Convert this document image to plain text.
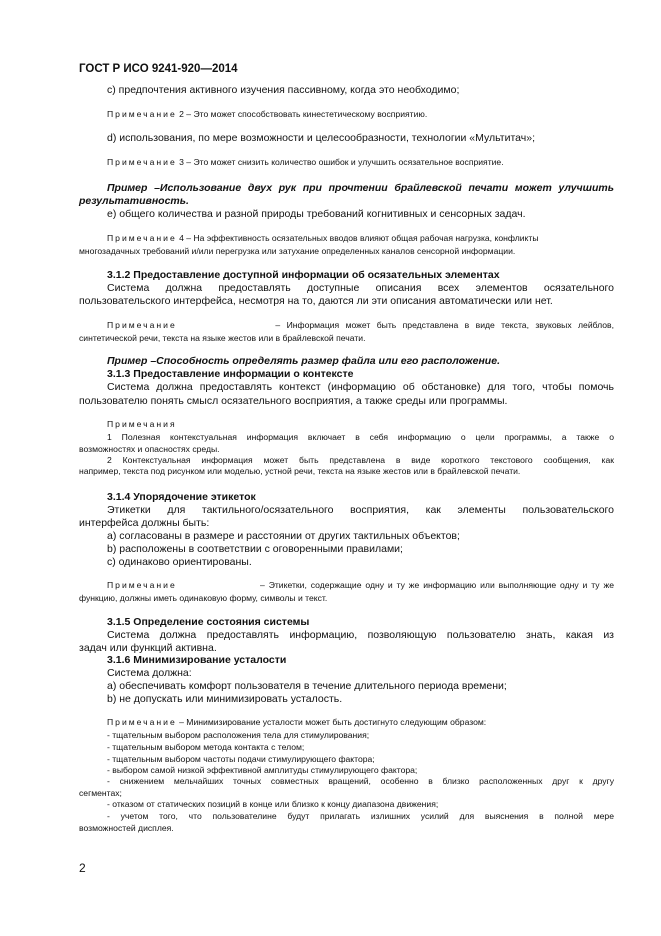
ГОСТ Р ИСО 9241-920—2014
с) предпочтения активного изучения пассивному, когда это необходимо;
Примечание 2 – Это может способствовать кинестетическому восприятию.
d) использования, по мере возможности и целесообразности, технологии «Мультитач»;
Примечание 3 – Это может снизить количество ошибок и улучшить осязательное восприятие.
Пример –Использование двух рук при прочтении брайлевской печати может улучшить
результативность.
е) общего количества и разной природы требований когнитивных и сенсорных задач.
Примечание 4 – На эффективность осязательных вводов влияют общая рабочая нагрузка, конфликты
многозадачных требований и/или перегрузка или затухание определенных каналов сенсорной информации.
3.1.2 Предоставление доступной информации об осязательных элементах
Система должна предоставлять доступные описания всех элементов осязательного
пользовательского интерфейса, несмотря на то, даются ли эти описания автоматически или нет.
Примечание	– Информация может быть представлена в виде текста, звуковых лейблов,
синтетической речи, текста на языке жестов или в брайлевской печати.
Пример –Способность определять размер файла или его расположение.
3.1.3 Предоставление информации о контексте
Система должна предоставлять контекст (информацию об обстановке) для того, чтобы помочь
пользователю понять смысл осязательного восприятия, а также среды или программы.
Примечания
1 Полезная контекстуальная информация включает в себя информацию о цели программы, а также о
возможностях и опасностях среды.
2 Контекстуальная информация может быть представлена в виде короткого текстового сообщения, как
например, текста под рисунком или моделью, устной речи, текста на языке жестов или в брайлевской печати.
3.1.4 Упорядочение этикеток
Этикетки для тактильного/осязательного восприятия, как элементы пользовательского
интерфейса должны быть:
а) согласованы в размере и расстоянии от других тактильных объектов;
b) расположены в соответствии с оговоренными правилами;
с) одинаково ориентированы.
Примечание	– Этикетки, содержащие одну и ту же информацию или выполняющие одну и ту же
функцию, должны иметь одинаковую форму, символы и текст.
3.1.5 Определение состояния системы
Система должна предоставлять информацию, позволяющую пользователю знать, какая из
задач или функций активна.
3.1.6 Минимизирование усталости
Система должна:
а) обеспечивать комфорт пользователя в течение длительного периода времени;
b) не допускать или минимизировать усталость.
Примечание – Минимизирование усталости может быть достигнуто следующим образом:
- тщательным выбором расположения тела для стимулирования;
- тщательным выбором метода контакта с телом;
- тщательным выбором частоты подачи стимулирующего фактора;
- выбором самой низкой эффективной амплитуды стимулирующего фактора;
- снижением мельчайших точных совместных вращений, особенно в близко расположенных друг к другу
сегментах;
- отказом от статических позиций в конце или близко к концу диапазона движения;
- учетом того, что пользователине будут прилагать излишних усилий для выяснения в полной мере
возможностей дисплея.
2
